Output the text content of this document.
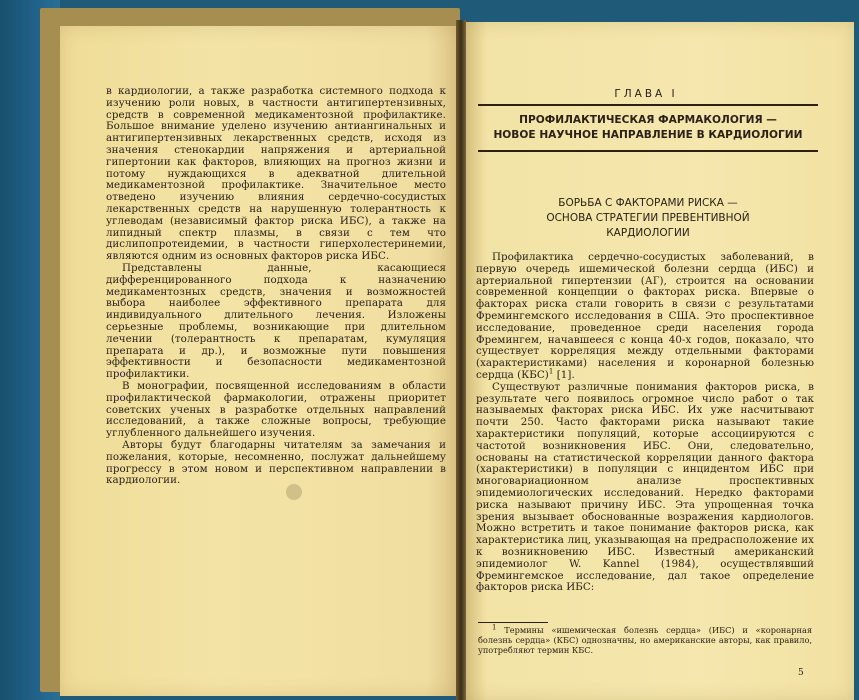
в кардиологии, а также разработка системного подхода к изучению роли новых, в частности антигипертензивных, средств в современной медикаментозной профилактике. Большое внимание уделено изучению антиангинальных и антигипертензивных лекарственных средств, исходя из значения стенокардии напряжения и артериальной гипертонии как факторов, влияющих на прогноз жизни и потому нуждающихся в адекватной длительной медикаментозной профилактике. Значительное место отведено изучению влияния сердечно-сосудистых лекарственных средств на нарушенную толерантность к углеводам (независимый фактор риска ИБС), а также на липидный спектр плазмы, в связи с тем что дислипопротеидемии, в частности гиперхолестеринемии, являются одним из основных факторов риска ИБС.

Представлены данные, касающиеся дифференцированного подхода к назначению медикаментозных средств, значения и возможностей выбора наиболее эффективного препарата для индивидуального длительного лечения. Изложены серьезные проблемы, возникающие при длительном лечении (толерантность к препаратам, кумуляция препарата и др.), и возможные пути повышения эффективности и безопасности медикаментозной профилактики.

В монографии, посвященной исследованиям в области профилактической фармакологии, отражены приоритет советских ученых в разработке отдельных направлений исследований, а также сложные вопросы, требующие углубленного дальнейшего изучения.

Авторы будут благодарны читателям за замечания и пожелания, которые, несомненно, послужат дальнейшему прогрессу в этом новом и перспективном направлении в кардиологии.

ГЛАВА I
ПРОФИЛАКТИЧЕСКАЯ ФАРМАКОЛОГИЯ —
НОВОЕ НАУЧНОЕ НАПРАВЛЕНИЕ В КАРДИОЛОГИИ
БОРЬБА С ФАКТОРАМИ РИСКА —
ОСНОВА СТРАТЕГИИ ПРЕВЕНТИВНОЙ
КАРДИОЛОГИИ

Профилактика сердечно-сосудистых заболеваний, в первую очередь ишемической болезни сердца (ИБС) и артериальной гипертензии (АГ), строится на основании современной концепции о факторах риска. Впервые о факторах риска стали говорить в связи с результатами Фремингемского исследования в США. Это проспективное исследование, проведенное среди населения города Фремингем, начавшееся с конца 40-х годов, показало, что существует корреляция между отдельными факторами (характеристиками) населения и коронарной болезнью сердца (КБС)$^1$ [1].

Существуют различные понимания факторов риска, в результате чего появилось огромное число работ о так называемых факторах риска ИБС. Их уже насчитывают почти 250. Часто факторами риска называют такие характеристики популяций, которые ассоциируются с частотой возникновения ИБС. Они, следовательно, основаны на статистической корреляции данного фактора (характеристики) в популяции с инцидентом ИБС при многовариационном анализе проспективных эпидемиологических исследований. Нередко факторами риска называют причину ИБС. Эта упрощенная точка зрения вызывает обоснованные возражения кардиологов. Можно встретить и такое понимание факторов риска, как характеристика лиц, указывающая на предрасположение их к возникновению ИБС. Известный американский эпидемиолог W. Kannel (1984), осуществлявший Фремингемское исследование, дал такое определение факторов риска ИБС:

$^1$ Термины «ишемическая болезнь сердца» (ИБС) и «коронарная болезнь сердца» (КБС) однозначны, но американские авторы, как правило, употребляют термин КБС.
5
